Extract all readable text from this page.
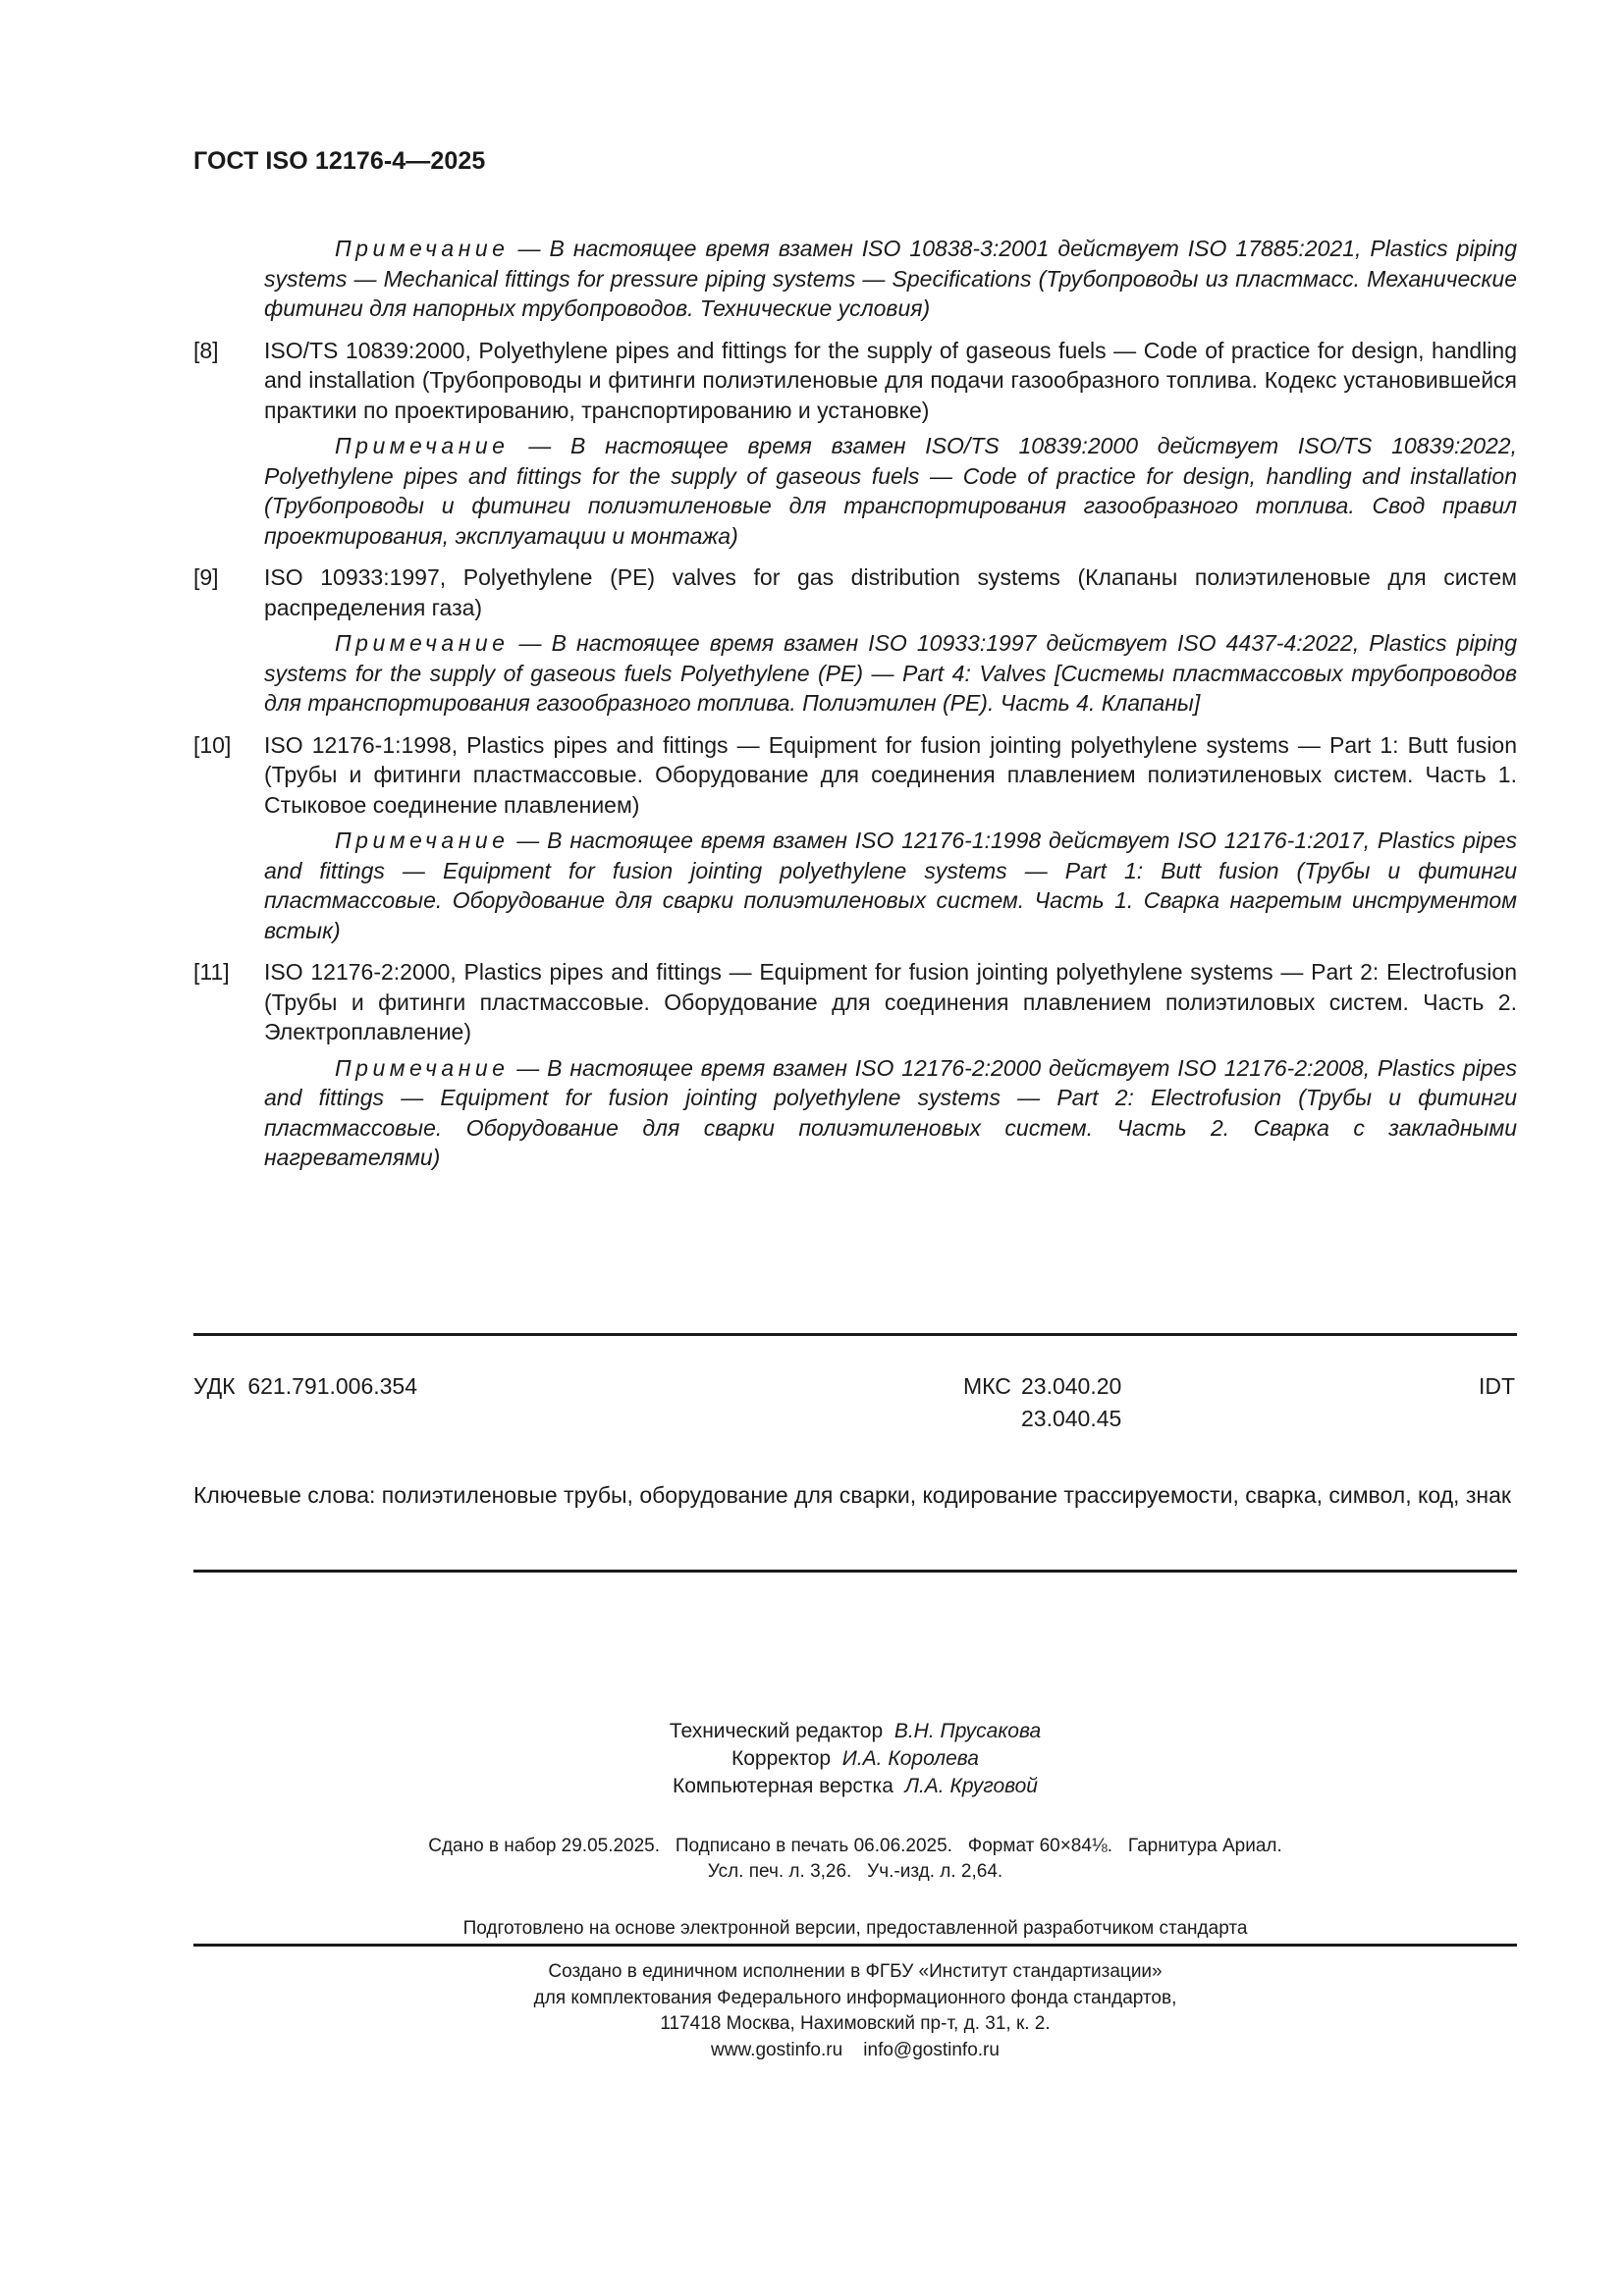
ГОСТ ISO 12176-4—2025

Примечание — В настоящее время взамен ISO 10838-3:2001 действует ISO 17885:2021, Plastics piping systems — Mechanical fittings for pressure piping systems — Specifications (Трубопроводы из пластмасс. Механические фитинги для напорных трубопроводов. Технические условия)

[8]	ISO/TS 10839:2000, Polyethylene pipes and fittings for the supply of gaseous fuels — Code of practice for design, handling and installation (Трубопроводы и фитинги полиэтиленовые для подачи газообразного топлива. Кодекс установившейся практики по проектированию, транспортированию и установке)

Примечание — В настоящее время взамен ISO/TS 10839:2000 действует ISO/TS 10839:2022, Polyethylene pipes and fittings for the supply of gaseous fuels — Code of practice for design, handling and installation (Трубопроводы и фитинги полиэтиленовые для транспортирования газообразного топлива. Свод правил проектирования, эксплуатации и монтажа)

[9]	ISO 10933:1997, Polyethylene (PE) valves for gas distribution systems (Клапаны полиэтиленовые для систем распределения газа)

Примечание — В настоящее время взамен ISO 10933:1997 действует ISO 4437-4:2022, Plastics piping systems for the supply of gaseous fuels Polyethylene (PE) — Part 4: Valves [Системы пластмассовых трубопроводов для транспортирования газообразного топлива. Полиэтилен (PE). Часть 4. Клапаны]

[10]	ISO 12176-1:1998, Plastics pipes and fittings — Equipment for fusion jointing polyethylene systems — Part 1: Butt fusion (Трубы и фитинги пластмассовые. Оборудование для соединения плавлением полиэтиленовых систем. Часть 1. Стыковое соединение плавлением)

Примечание — В настоящее время взамен ISO 12176-1:1998 действует ISO 12176-1:2017, Plastics pipes and fittings — Equipment for fusion jointing polyethylene systems — Part 1: Butt fusion (Трубы и фитинги пластмассовые. Оборудование для сварки полиэтиленовых систем. Часть 1. Сварка нагретым инструментом встык)

[11]	ISO 12176-2:2000, Plastics pipes and fittings — Equipment for fusion jointing polyethylene systems — Part 2: Electrofusion (Трубы и фитинги пластмассовые. Оборудование для соединения плавлением полиэтиловых систем. Часть 2. Электроплавление)

Примечание — В настоящее время взамен ISO 12176-2:2000 действует ISO 12176-2:2008, Plastics pipes and fittings — Equipment for fusion jointing polyethylene systems — Part 2: Electrofusion (Трубы и фитинги пластмассовые. Оборудование для сварки полиэтиленовых систем. Часть 2. Сварка с закладными нагревателями)

УДК 621.791.006.354	МКС 23.040.20
23.040.45
IDT
Ключевые слова: полиэтиленовые трубы, оборудование для сварки, кодирование трассируемости, сварка, символ, код, знак
Технический редактор В.Н. Прусакова
Корректор И.А. Королева
Компьютерная верстка Л.А. Круговой
Сдано в набор 29.05.2025.   Подписано в печать 06.06.2025.   Формат 60×84⅛.   Гарнитура Ариал.
Усл. печ. л. 3,26.   Уч.-изд. л. 2,64.
Подготовлено на основе электронной версии, предоставленной разработчиком стандарта
Создано в единичном исполнении в ФГБУ «Институт стандартизации»
для комплектования Федерального информационного фонда стандартов,
117418 Москва, Нахимовский пр-т, д. 31, к. 2.
www.gostinfo.ru info@gostinfo.ru
